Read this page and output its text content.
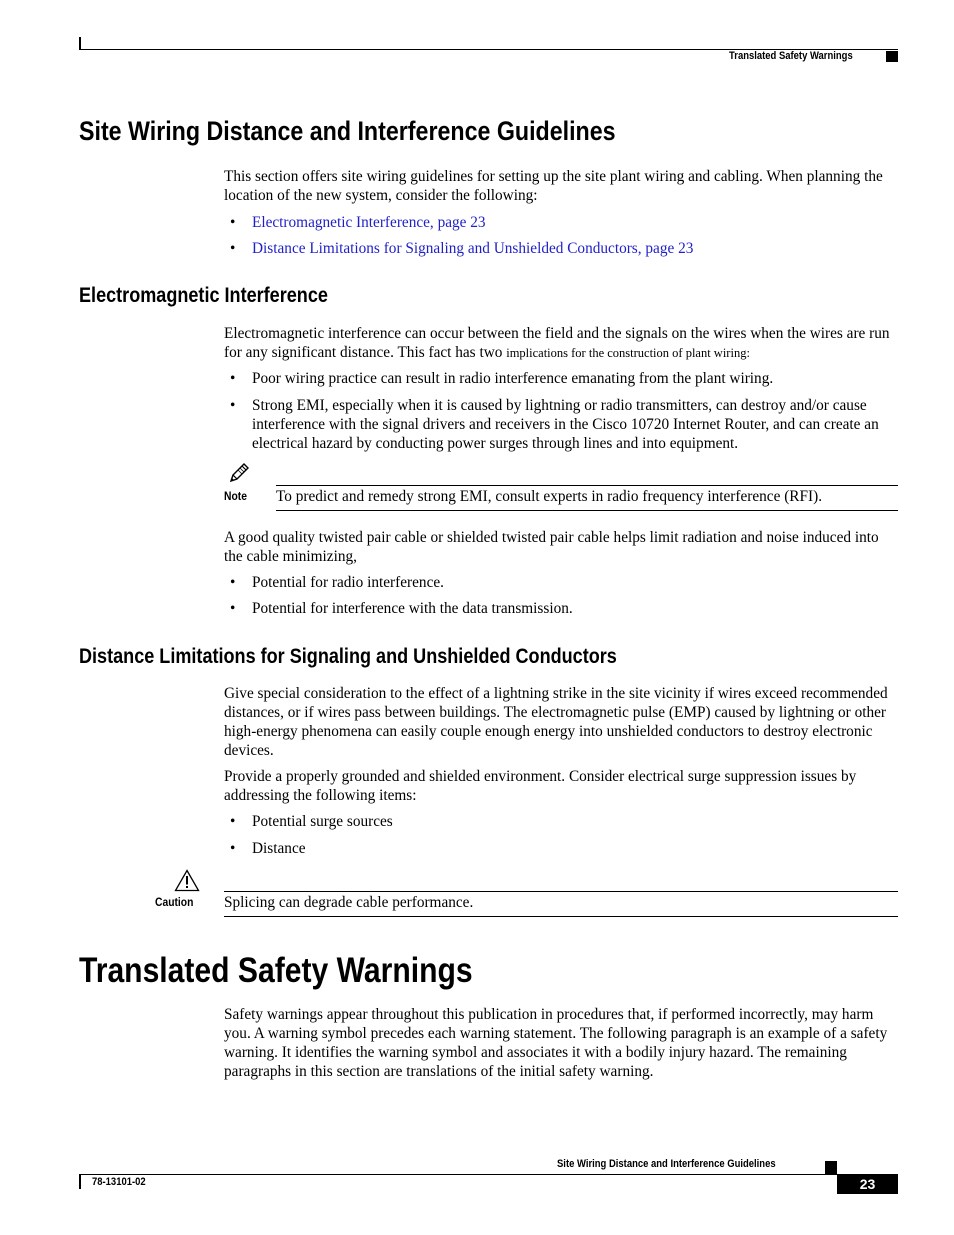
Translated Safety Warnings
Site Wiring Distance and Interference Guidelines
This section offers site wiring guidelines for setting up the site plant wiring and cabling. When planning the location of the new system, consider the following:
• Electromagnetic Interference, page 23
• Distance Limitations for Signaling and Unshielded Conductors, page 23
Electromagnetic Interference
Electromagnetic interference can occur between the field and the signals on the wires when the wires are run for any significant distance. This fact has two implications for the construction of plant wiring:
• Poor wiring practice can result in radio interference emanating from the plant wiring.
• Strong EMI, especially when it is caused by lightning or radio transmitters, can destroy and/or cause interference with the signal drivers and receivers in the Cisco 10720 Internet Router, and can create an electrical hazard by conducting power surges through lines and into equipment.
Note To predict and remedy strong EMI, consult experts in radio frequency interference (RFI).
A good quality twisted pair cable or shielded twisted pair cable helps limit radiation and noise induced into the cable minimizing,
• Potential for radio interference.
• Potential for interference with the data transmission.
Distance Limitations for Signaling and Unshielded Conductors
Give special consideration to the effect of a lightning strike in the site vicinity if wires exceed recommended distances, or if wires pass between buildings. The electromagnetic pulse (EMP) caused by lightning or other high-energy phenomena can easily couple enough energy into unshielded conductors to destroy electronic devices.
Provide a properly grounded and shielded environment. Consider electrical surge suppression issues by addressing the following items:
• Potential surge sources
• Distance
Caution	Splicing can degrade cable performance.
Translated Safety Warnings
Safety warnings appear throughout this publication in procedures that, if performed incorrectly, may harm you. A warning symbol precedes each warning statement. The following paragraph is an example of a safety warning. It identifies the warning symbol and associates it with a bodily injury hazard. The remaining paragraphs in this section are translations of the initial safety warning.
Site Wiring Distance and Interference Guidelines
78-13101-02	23
